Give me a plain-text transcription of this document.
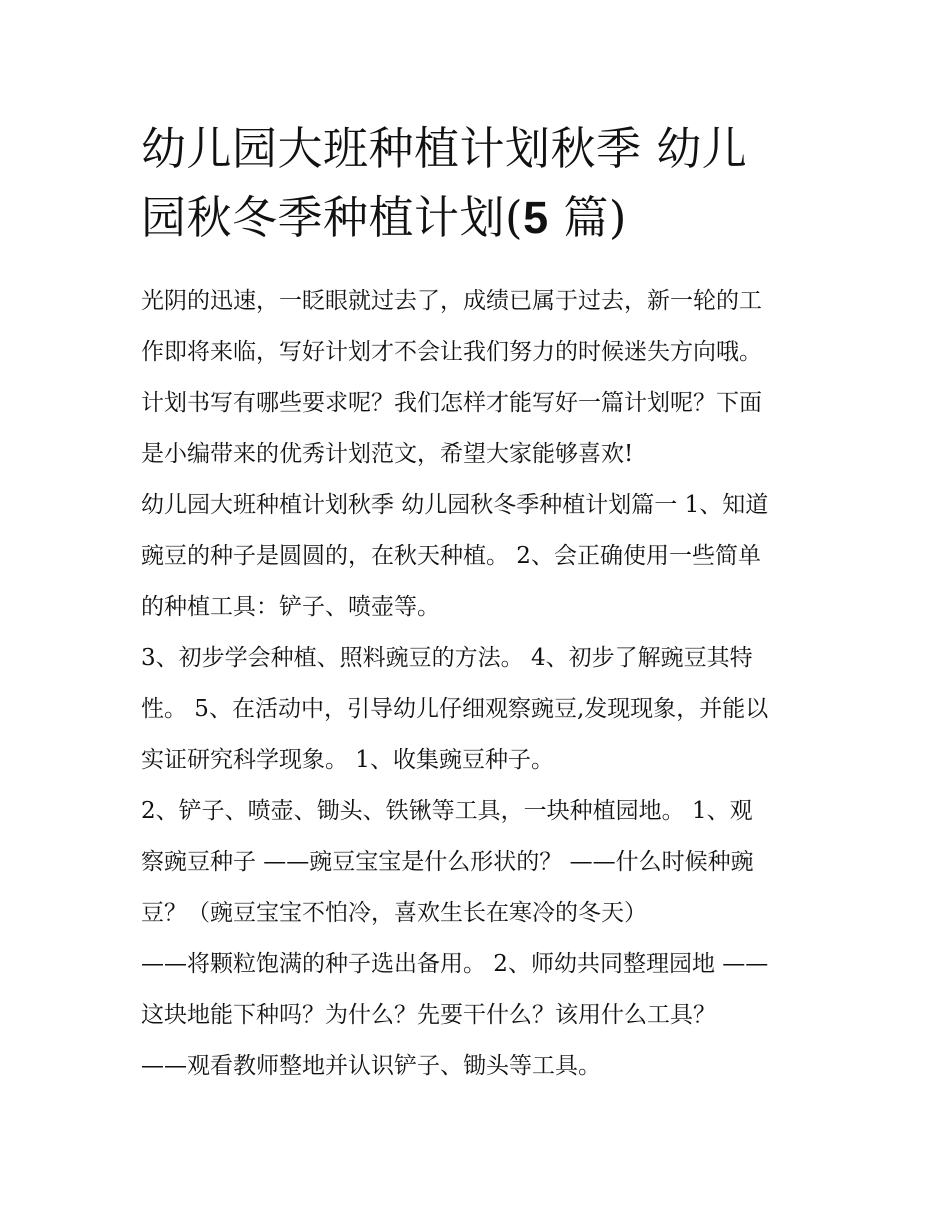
幼儿园大班种植计划秋季 幼儿
园秋冬季种植计划(5 篇)

光阴的迅速，一眨眼就过去了，成绩已属于过去，新一轮的工
作即将来临，写好计划才不会让我们努力的时候迷失方向哦。
计划书写有哪些要求呢？我们怎样才能写好一篇计划呢？下面
是小编带来的优秀计划范文，希望大家能够喜欢!

幼儿园大班种植计划秋季 幼儿园秋冬季种植计划篇一 1、知道
豌豆的种子是圆圆的，在秋天种植。 2、会正确使用一些简单
的种植工具：铲子、喷壶等。

3、初步学会种植、照料豌豆的方法。 4、初步了解豌豆其特
性。 5、在活动中，引导幼儿仔细观察豌豆,发现现象，并能以
实证研究科学现象。 1、收集豌豆种子。

2、铲子、喷壶、锄头、铁锹等工具，一块种植园地。 1、观
察豌豆种子 ——豌豆宝宝是什么形状的？ ——什么时候种豌
豆？（豌豆宝宝不怕冷，喜欢生长在寒冷的冬天）
——将颗粒饱满的种子选出备用。 2、师幼共同整理园地 ——
这块地能下种吗？为什么？先要干什么？该用什么工具？
——观看教师整地并认识铲子、锄头等工具。
